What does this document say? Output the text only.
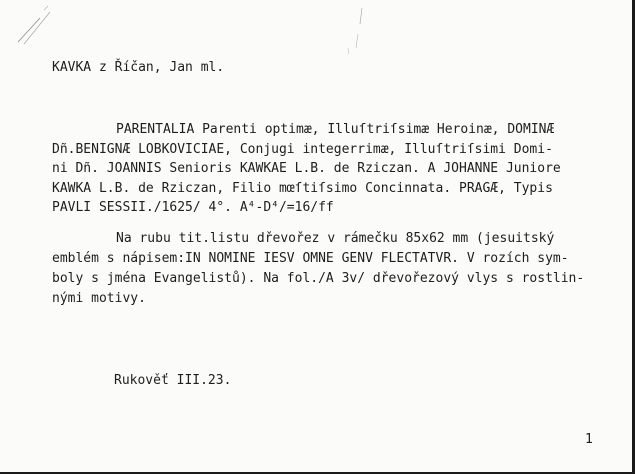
KAVKA z Říčan, Jan ml.
PARENTALIA Parenti optimæ, Illuſtriſsimæ Heroinæ, DOMINÆ
Dñ.BENIGNÆ LOBKOVICIAE, Conjugi integerrimæ, Illuſtriſsimi Domi-
ni Dñ. JOANNIS Senioris KAWKAE L.B. de Rziczan. A JOHANNE Juniore
KAWKA L.B. de Rziczan, Filio mœſtiſsimo Concinnata. PRAGÆ, Typis
PAVLI SESSII./1625/ 4°. A⁴-D⁴/=16/ff
Na rubu tit.listu dřevořez v rámečku 85x62 mm (jesuitský
emblém s nápisem:IN NOMINE IESV OMNE GENV FLECTATVR. V rozích sym-
boly s jména Evangelistů). Na fol./A 3v/ dřevořezový vlys s rostlin-
nými motivy.
Rukověť III.23.
1
